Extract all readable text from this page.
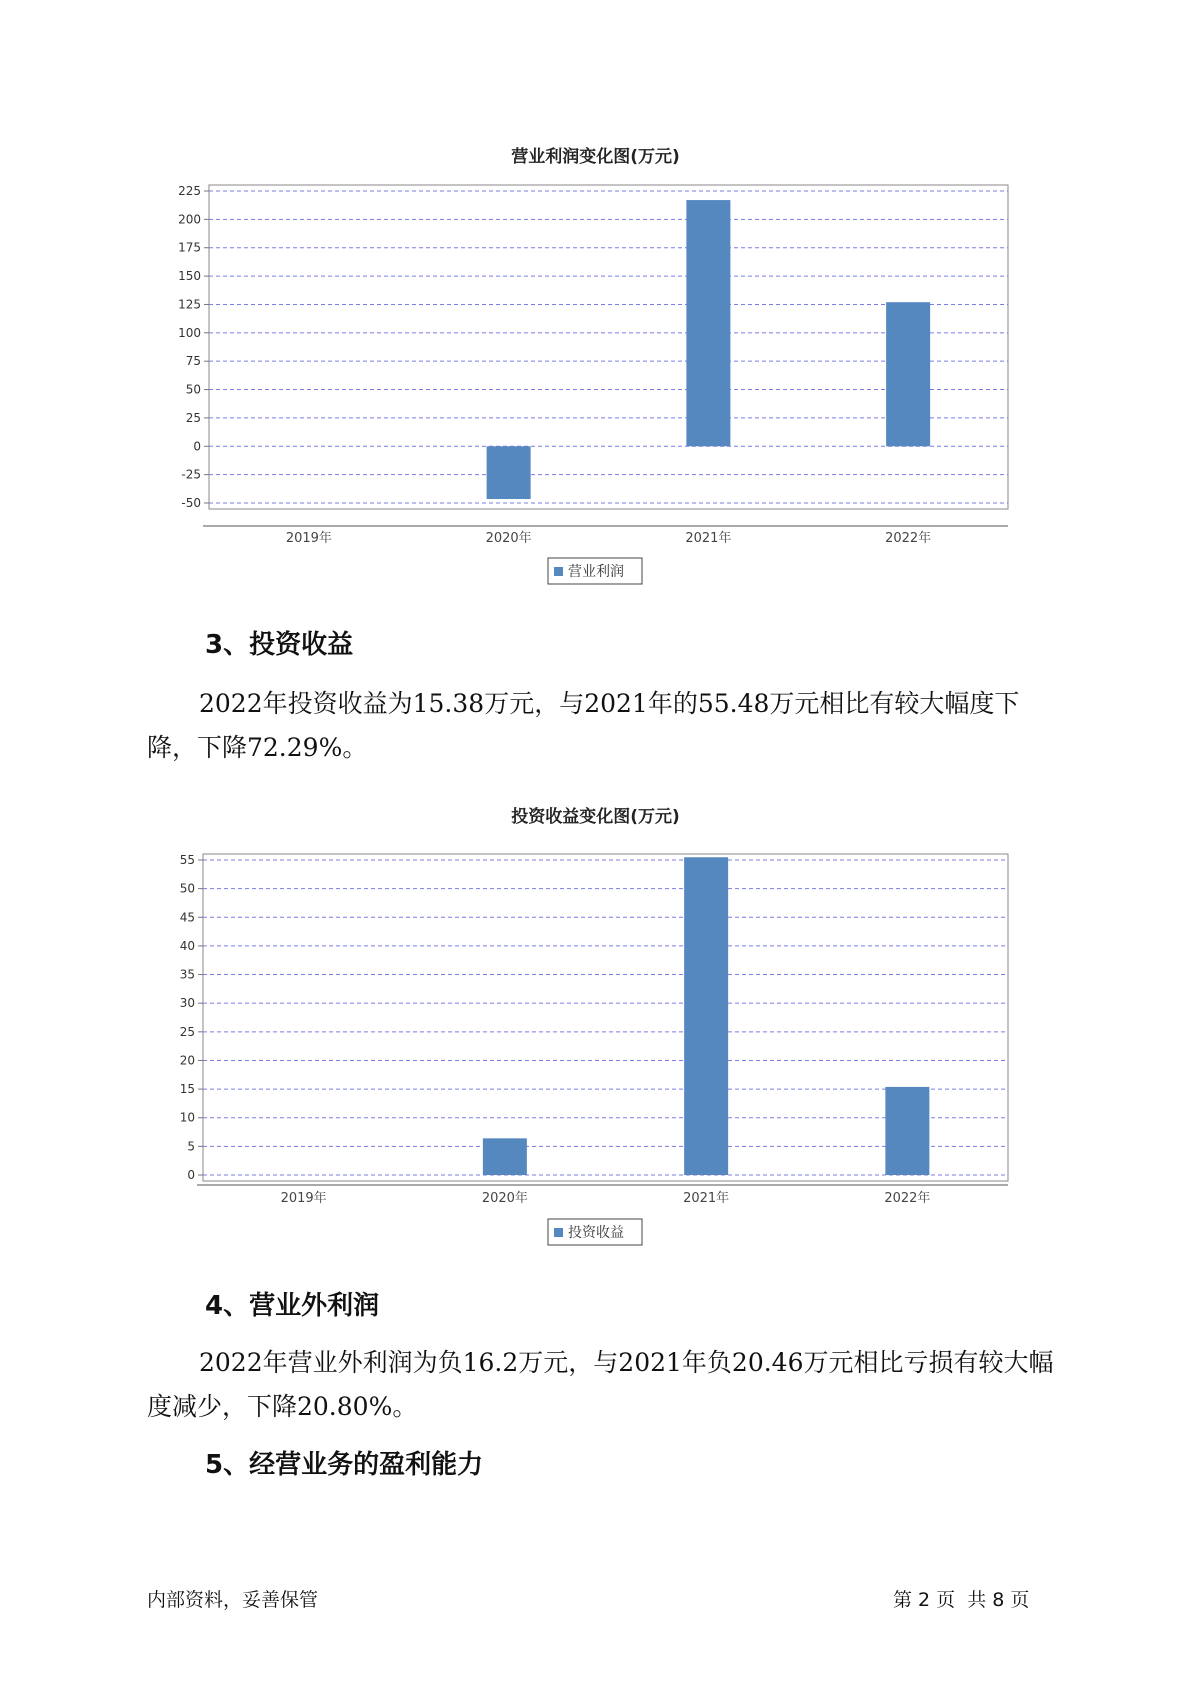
营业利润变化图(万元)
225
200
175
150
125
100
75
50
25
0
-25
-50
2019年	2020年	2021年	2022年
营业利润
3、投资收益

2022年投资收益为15.38万元，与2021年的55.48万元相比有较大幅度下降，下降72.29%。

投资收益变化图(万元)
55
50
45
40
35
30
25
20
15
10
5
0
2019年	2020年	2021年	2022年
投资收益
4、营业外利润

2022年营业外利润为负16.2万元，与2021年负20.46万元相比亏损有较大幅度减少，下降20.80%。

5、经营业务的盈利能力
内部资料，妥善保管	第 2 页  共 8 页
